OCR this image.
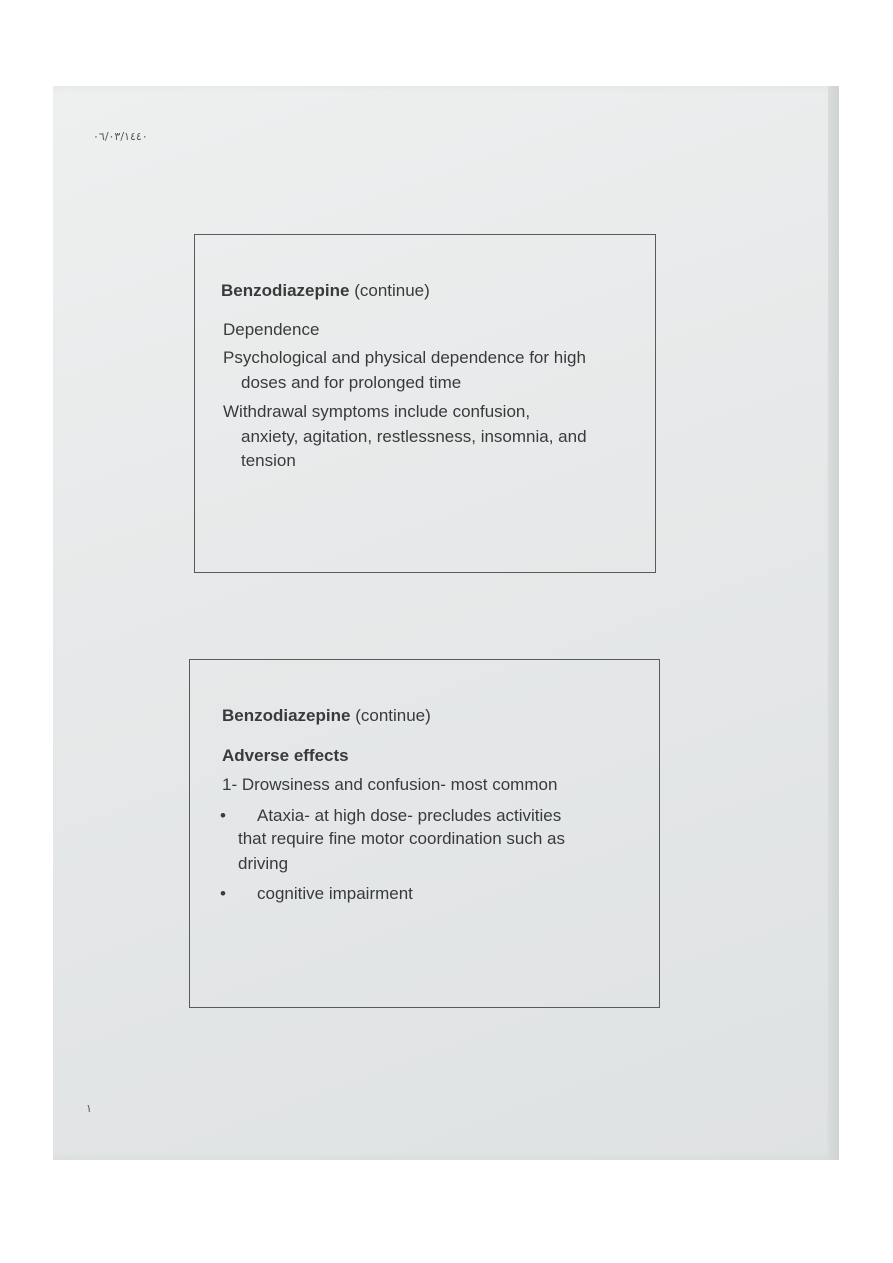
٠٦/٠٣/١٤٤٠
Benzodiazepine (continue)
Dependence
Psychological and physical dependence for high
doses and for prolonged time
Withdrawal symptoms include confusion,
anxiety, agitation, restlessness, insomnia, and
tension
Benzodiazepine (continue)
Adverse effects
1- Drowsiness and confusion- most common
• Ataxia- at high dose- precludes activities
that require fine motor coordination such as
driving
• cognitive impairment
١
